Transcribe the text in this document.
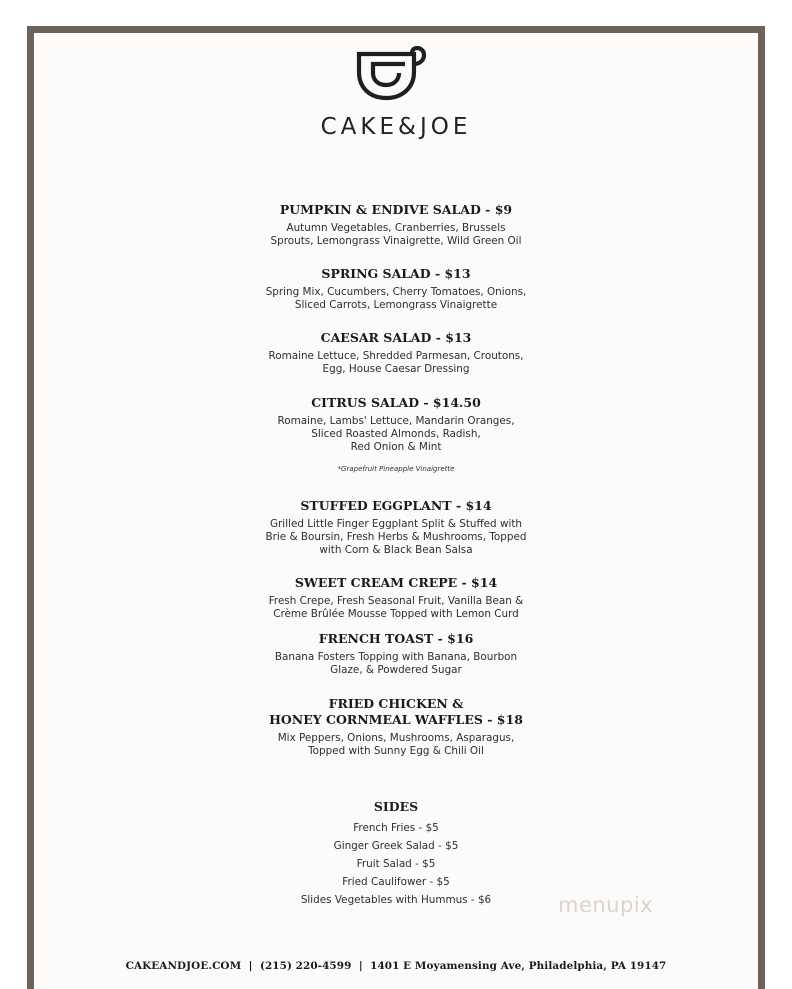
CAKE&JOE
PUMPKIN & ENDIVE SALAD - $9

Autumn Vegetables, Cranberries, Brussels
Sprouts, Lemongrass Vinaigrette, Wild Green Oil

SPRING SALAD - $13

Spring Mix, Cucumbers, Cherry Tomatoes, Onions,
Sliced Carrots, Lemongrass Vinaigrette

CAESAR SALAD - $13

Romaine Lettuce, Shredded Parmesan, Croutons,
Egg, House Caesar Dressing

CITRUS SALAD - $14.50

Romaine, Lambs' Lettuce, Mandarin Oranges,
Sliced Roasted Almonds, Radish,
Red Onion & Mint

*Grapefruit Pineapple Vinaigrette

STUFFED EGGPLANT - $14

Grilled Little Finger Eggplant Split & Stuffed with
Brie & Boursin, Fresh Herbs & Mushrooms, Topped
with Corn & Black Bean Salsa

SWEET CREAM CREPE - $14

Fresh Crepe, Fresh Seasonal Fruit, Vanilla Bean &
Crème Brûlée Mousse Topped with Lemon Curd

FRENCH TOAST - $16

Banana Fosters Topping with Banana, Bourbon
Glaze, & Powdered Sugar

FRIED CHICKEN &
HONEY CORNMEAL WAFFLES - $18

Mix Peppers, Onions, Mushrooms, Asparagus,
Topped with Sunny Egg & Chili Oil

SIDES
French Fries - $5
Ginger Greek Salad - $5
Fruit Salad - $5
Fried Caulifower - $5
Slides Vegetables with Hummus - $6	menupix
CAKEANDJOE.COM  |  (215) 220-4599  |  1401 E Moyamensing Ave, Philadelphia, PA 19147
